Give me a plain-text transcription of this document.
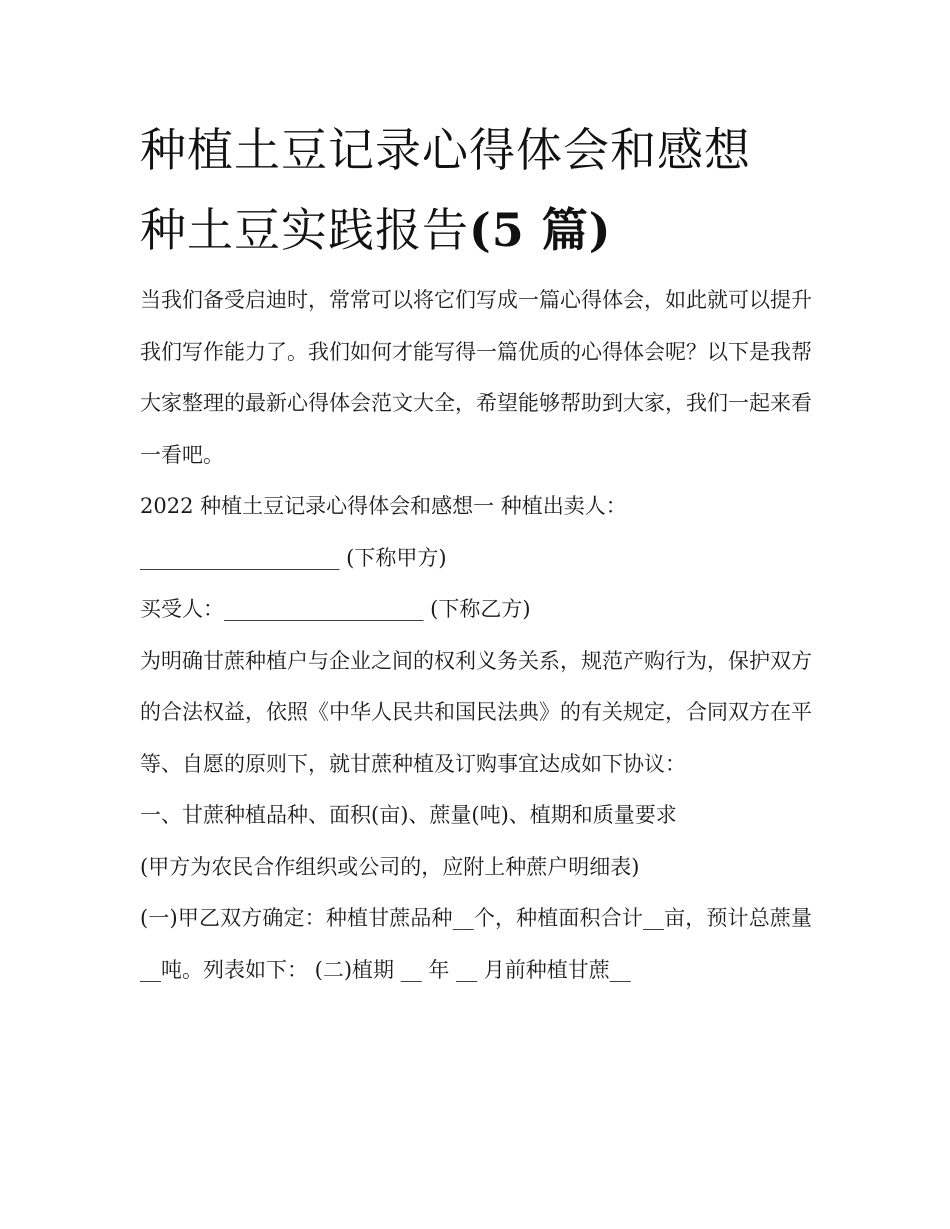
种植土豆记录心得体会和感想
种土豆实践报告(5 篇)

当我们备受启迪时，常常可以将它们写成一篇心得体会，如此就可以提升我们写作能力了。我们如何才能写得一篇优质的心得体会呢？以下是我帮大家整理的最新心得体会范文大全，希望能够帮助到大家，我们一起来看一看吧。

2022 种植土豆记录心得体会和感想一 种植出卖人：

___________________ (下称甲方)

买受人：___________________ (下称乙方)

为明确甘蔗种植户与企业之间的权利义务关系，规范产购行为，保护双方的合法权益，依照《中华人民共和国民法典》的有关规定，合同双方在平等、自愿的原则下，就甘蔗种植及订购事宜达成如下协议：

一、甘蔗种植品种、面积(亩)、蔗量(吨)、植期和质量要求

(甲方为农民合作组织或公司的，应附上种蔗户明细表)

(一)甲乙双方确定：种植甘蔗品种__个，种植面积合计__亩，预计总蔗量__吨。列表如下： (二)植期 __ 年 __ 月前种植甘蔗__
